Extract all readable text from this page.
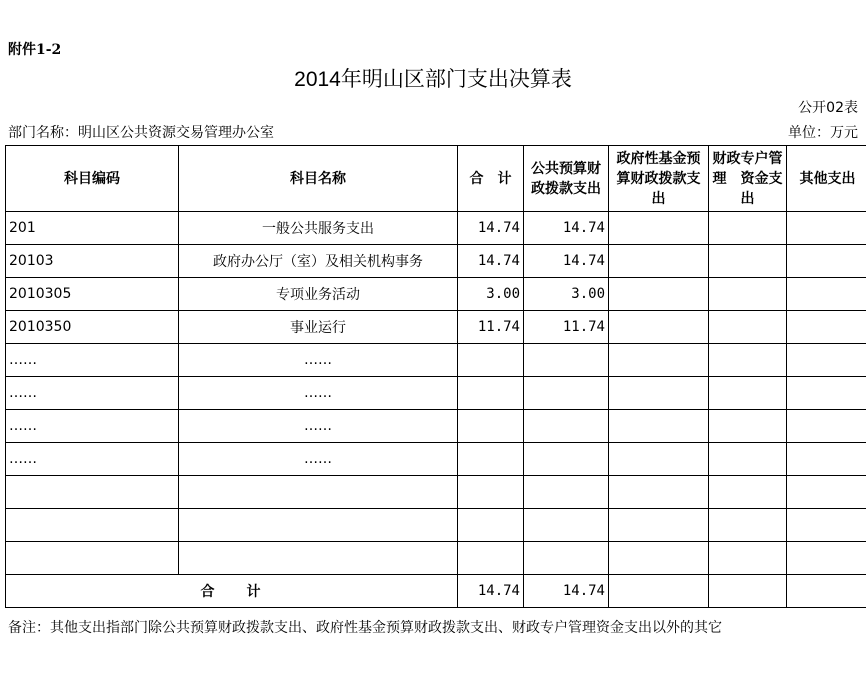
附件1-2
2014年明山区部门支出决算表
公开02表
部门名称：明山区公共资源交易管理办公室	单位：万元
科目编码	科目名称	合　计	公共预算财政拨款支出	政府性基金预算财政拨款支出	财政专户管理　资金支出	其他支出
201	一般公共服务支出	14.74	14.74			
20103	政府办公厅（室）及相关机构事务	14.74	14.74			
2010305	专项业务活动	3.00	3.00			
2010350	事业运行	11.74	11.74			
……	……					
……	……					
……	……					
……	……					

合 计		14.74	14.74			
备注：其他支出指部门除公共预算财政拨款支出、政府性基金预算财政拨款支出、财政专户管理资金支出以外的其它
